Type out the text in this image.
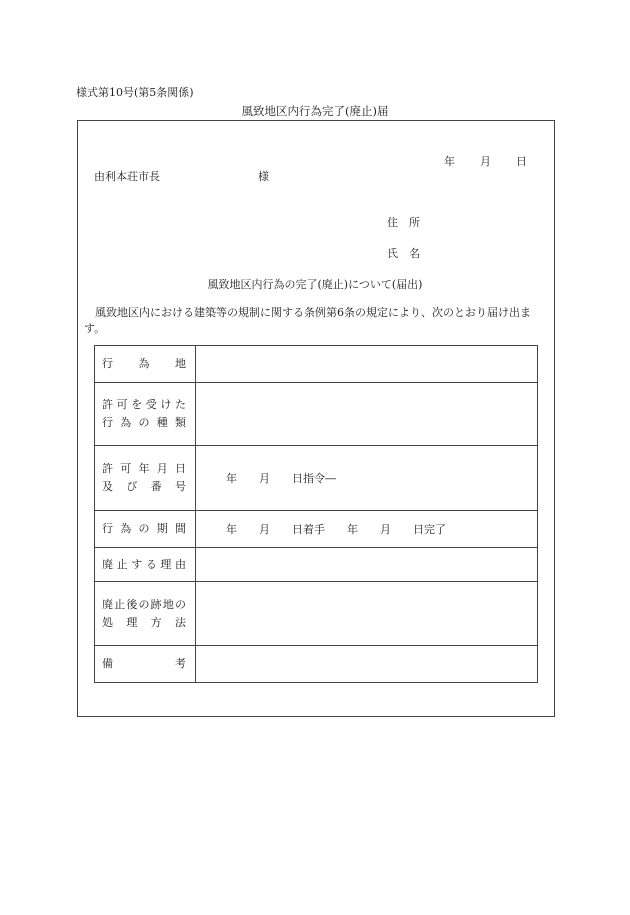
様式第10号(第5条関係)
風致地区内行為完了(廃止)届
年 月 日
由利本荘市長	様
住　所
氏　名
風致地区内行為の完了(廃止)について(届出)
風致地区内における建築等の規制に関する条例第6条の規定により、次のとおり届け出ます。
行為地	

許可を受けた
行為の種類	

許可年月日
及び番号	年　　月　　日指令―

行為の期間	年　　月　　日着手　　年　　月　　日完了

廃止する理由	

廃止後の跡地の
処理方法	

備考	
